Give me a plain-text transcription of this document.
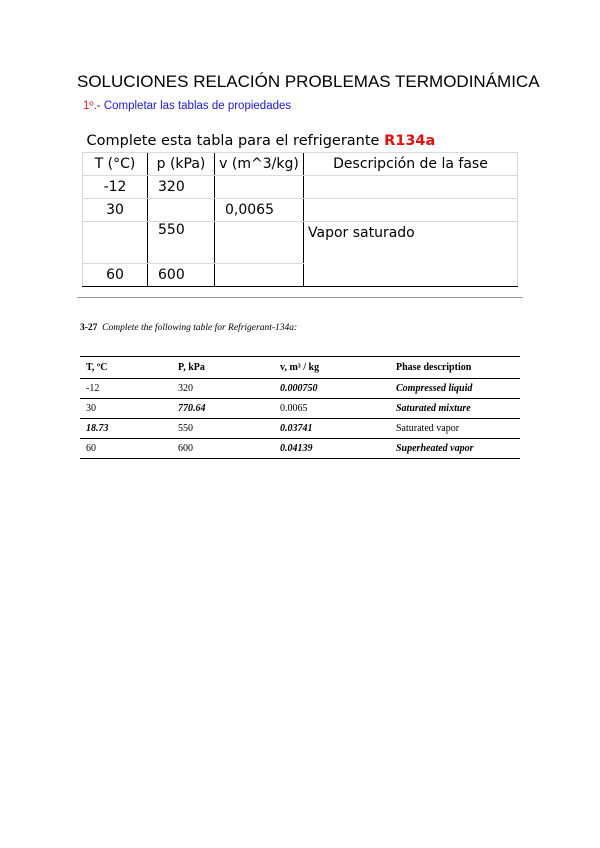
SOLUCIONES RELACIÓN PROBLEMAS TERMODINÁMICA
1º.- Completar las tablas de propiedades
Complete esta tabla para el refrigerante R134a			
T (°C)	p (kPa)	v (m^3/kg)	Descripción de la fase
-12	320		
30		0,0065	
	550		Vapor saturado
60	600		
3-27 Complete the following table for Refrigerant-134a:
T, ºC	P, kPa	v, m³ / kg	Phase description
-12	320	0.000750	Compressed liquid
30	770.64	0.0065	Saturated mixture
18.73	550	0.03741	Saturated vapor
60	600	0.04139	Superheated vapor
